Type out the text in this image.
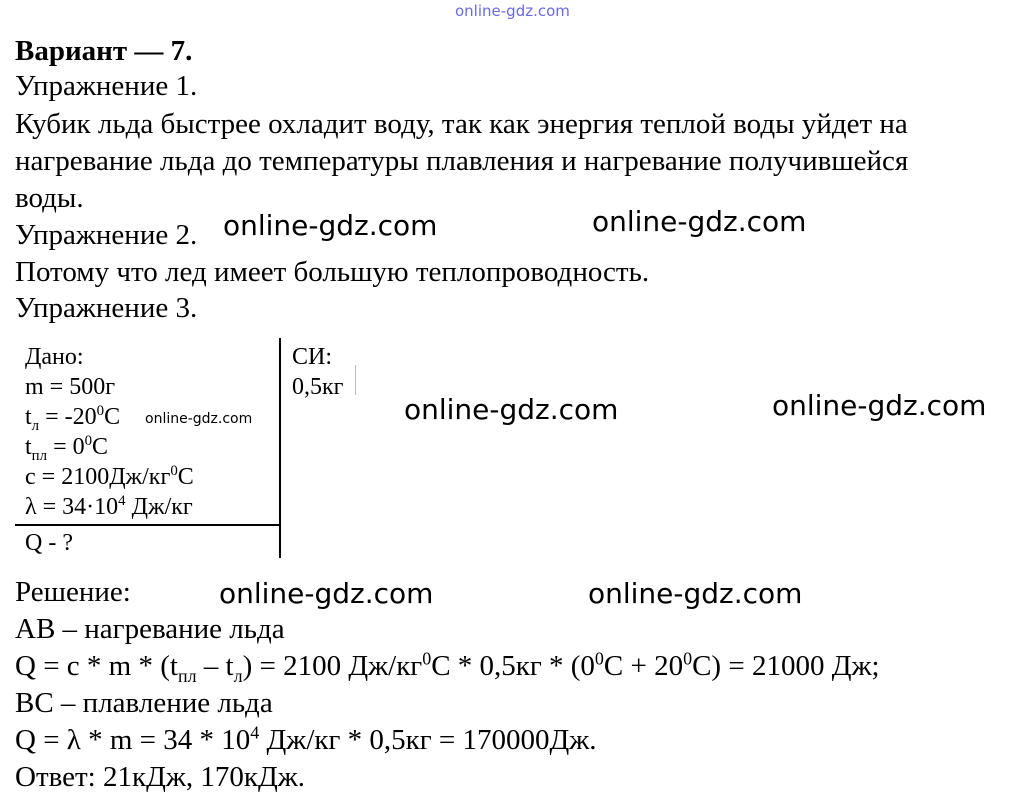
online-gdz.com
Вариант — 7.
Упражнение 1.
Кубик льда быстрее охладит воду, так как энергия теплой воды уйдет на
нагревание льда до температуры плавления и нагревание получившейся
воды.
Упражнение 2.
Потому что лед имеет большую теплопроводность.
Упражнение 3.
Дано:
m = 500г
$t_л = -20^0C$
$t_{пл} = 0^0C$
$c = 2100Дж/кг^0C$
$\lambda = 34\cdot 10^4$ Дж/кг
Q - ?
online-gdz.com
СИ:
0,5кг
Решение:
АВ – нагревание льда
$Q = c * m * (t_{пл} - t_л) = 2100$ $Дж/кг^0С * 0,5кг * (0^0С + 20^0С) = 21000$ Дж;
ВС – плавление льда
$Q = \lambda * m = 34 * 10^4$ Дж/кг * 0,5кг = 170000Дж.
Ответ: 21кДж, 170кДж.
online-gdz.com	online-gdz.com
online-gdz.com	online-gdz.com
online-gdz.com	online-gdz.com
